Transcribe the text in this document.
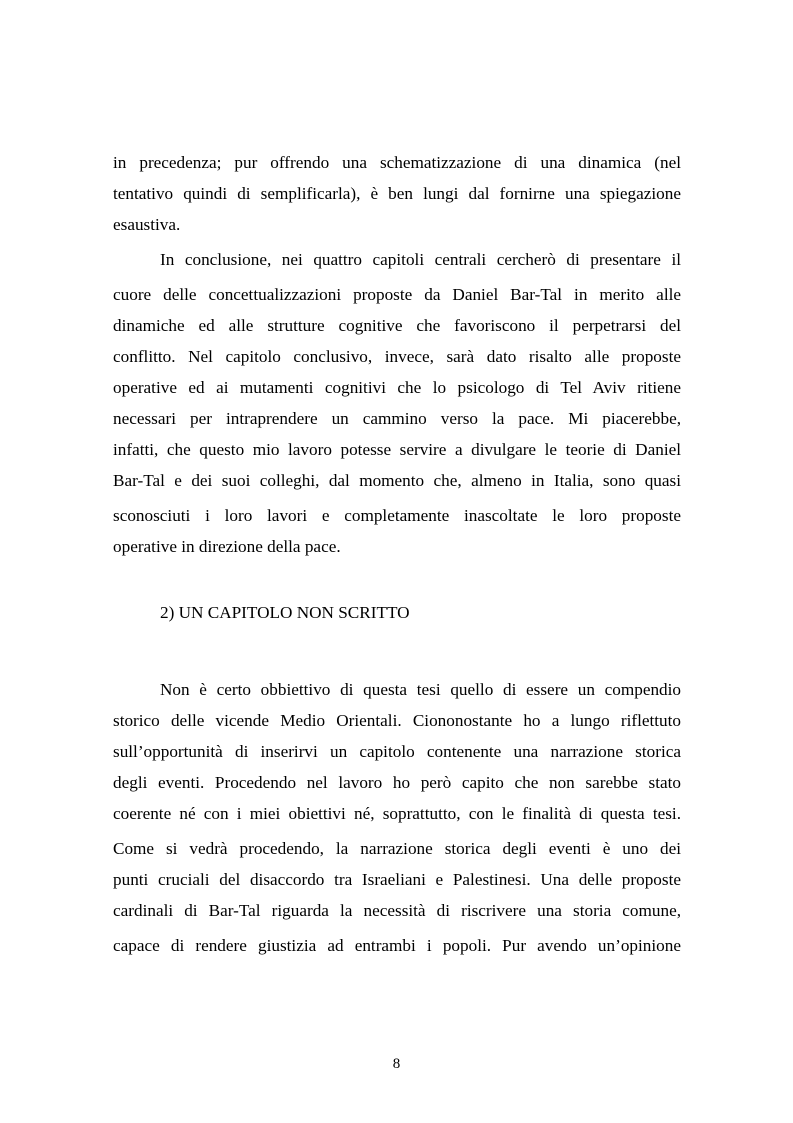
in precedenza; pur offrendo una schematizzazione di una dinamica (nel
tentativo quindi di semplificarla), è ben lungi dal fornirne una spiegazione
esaustiva.
In conclusione, nei quattro capitoli centrali cercherò di presentare il
cuore delle concettualizzazioni proposte da Daniel Bar-Tal in merito alle
dinamiche ed alle strutture cognitive che favoriscono il perpetrarsi del
conflitto. Nel capitolo conclusivo, invece, sarà dato risalto alle proposte
operative ed ai mutamenti cognitivi che lo psicologo di Tel Aviv ritiene
necessari per intraprendere un cammino verso la pace. Mi piacerebbe,
infatti, che questo mio lavoro potesse servire a divulgare le teorie di Daniel
Bar-Tal e dei suoi colleghi, dal momento che, almeno in Italia, sono quasi
sconosciuti i loro lavori e completamente inascoltate le loro proposte
operative in direzione della pace.
2) UN CAPITOLO NON SCRITTO
Non è certo obbiettivo di questa tesi quello di essere un compendio
storico delle vicende Medio Orientali. Ciononostante ho a lungo riflettuto
sull’opportunità di inserirvi un capitolo contenente una narrazione storica
degli eventi. Procedendo nel lavoro ho però capito che non sarebbe stato
coerente né con i miei obiettivi né, soprattutto, con le finalità di questa tesi.
Come si vedrà procedendo, la narrazione storica degli eventi è uno dei
punti cruciali del disaccordo tra Israeliani e Palestinesi. Una delle proposte
cardinali di Bar-Tal riguarda la necessità di riscrivere una storia comune,
capace di rendere giustizia ad entrambi i popoli. Pur avendo un’opinione
8
